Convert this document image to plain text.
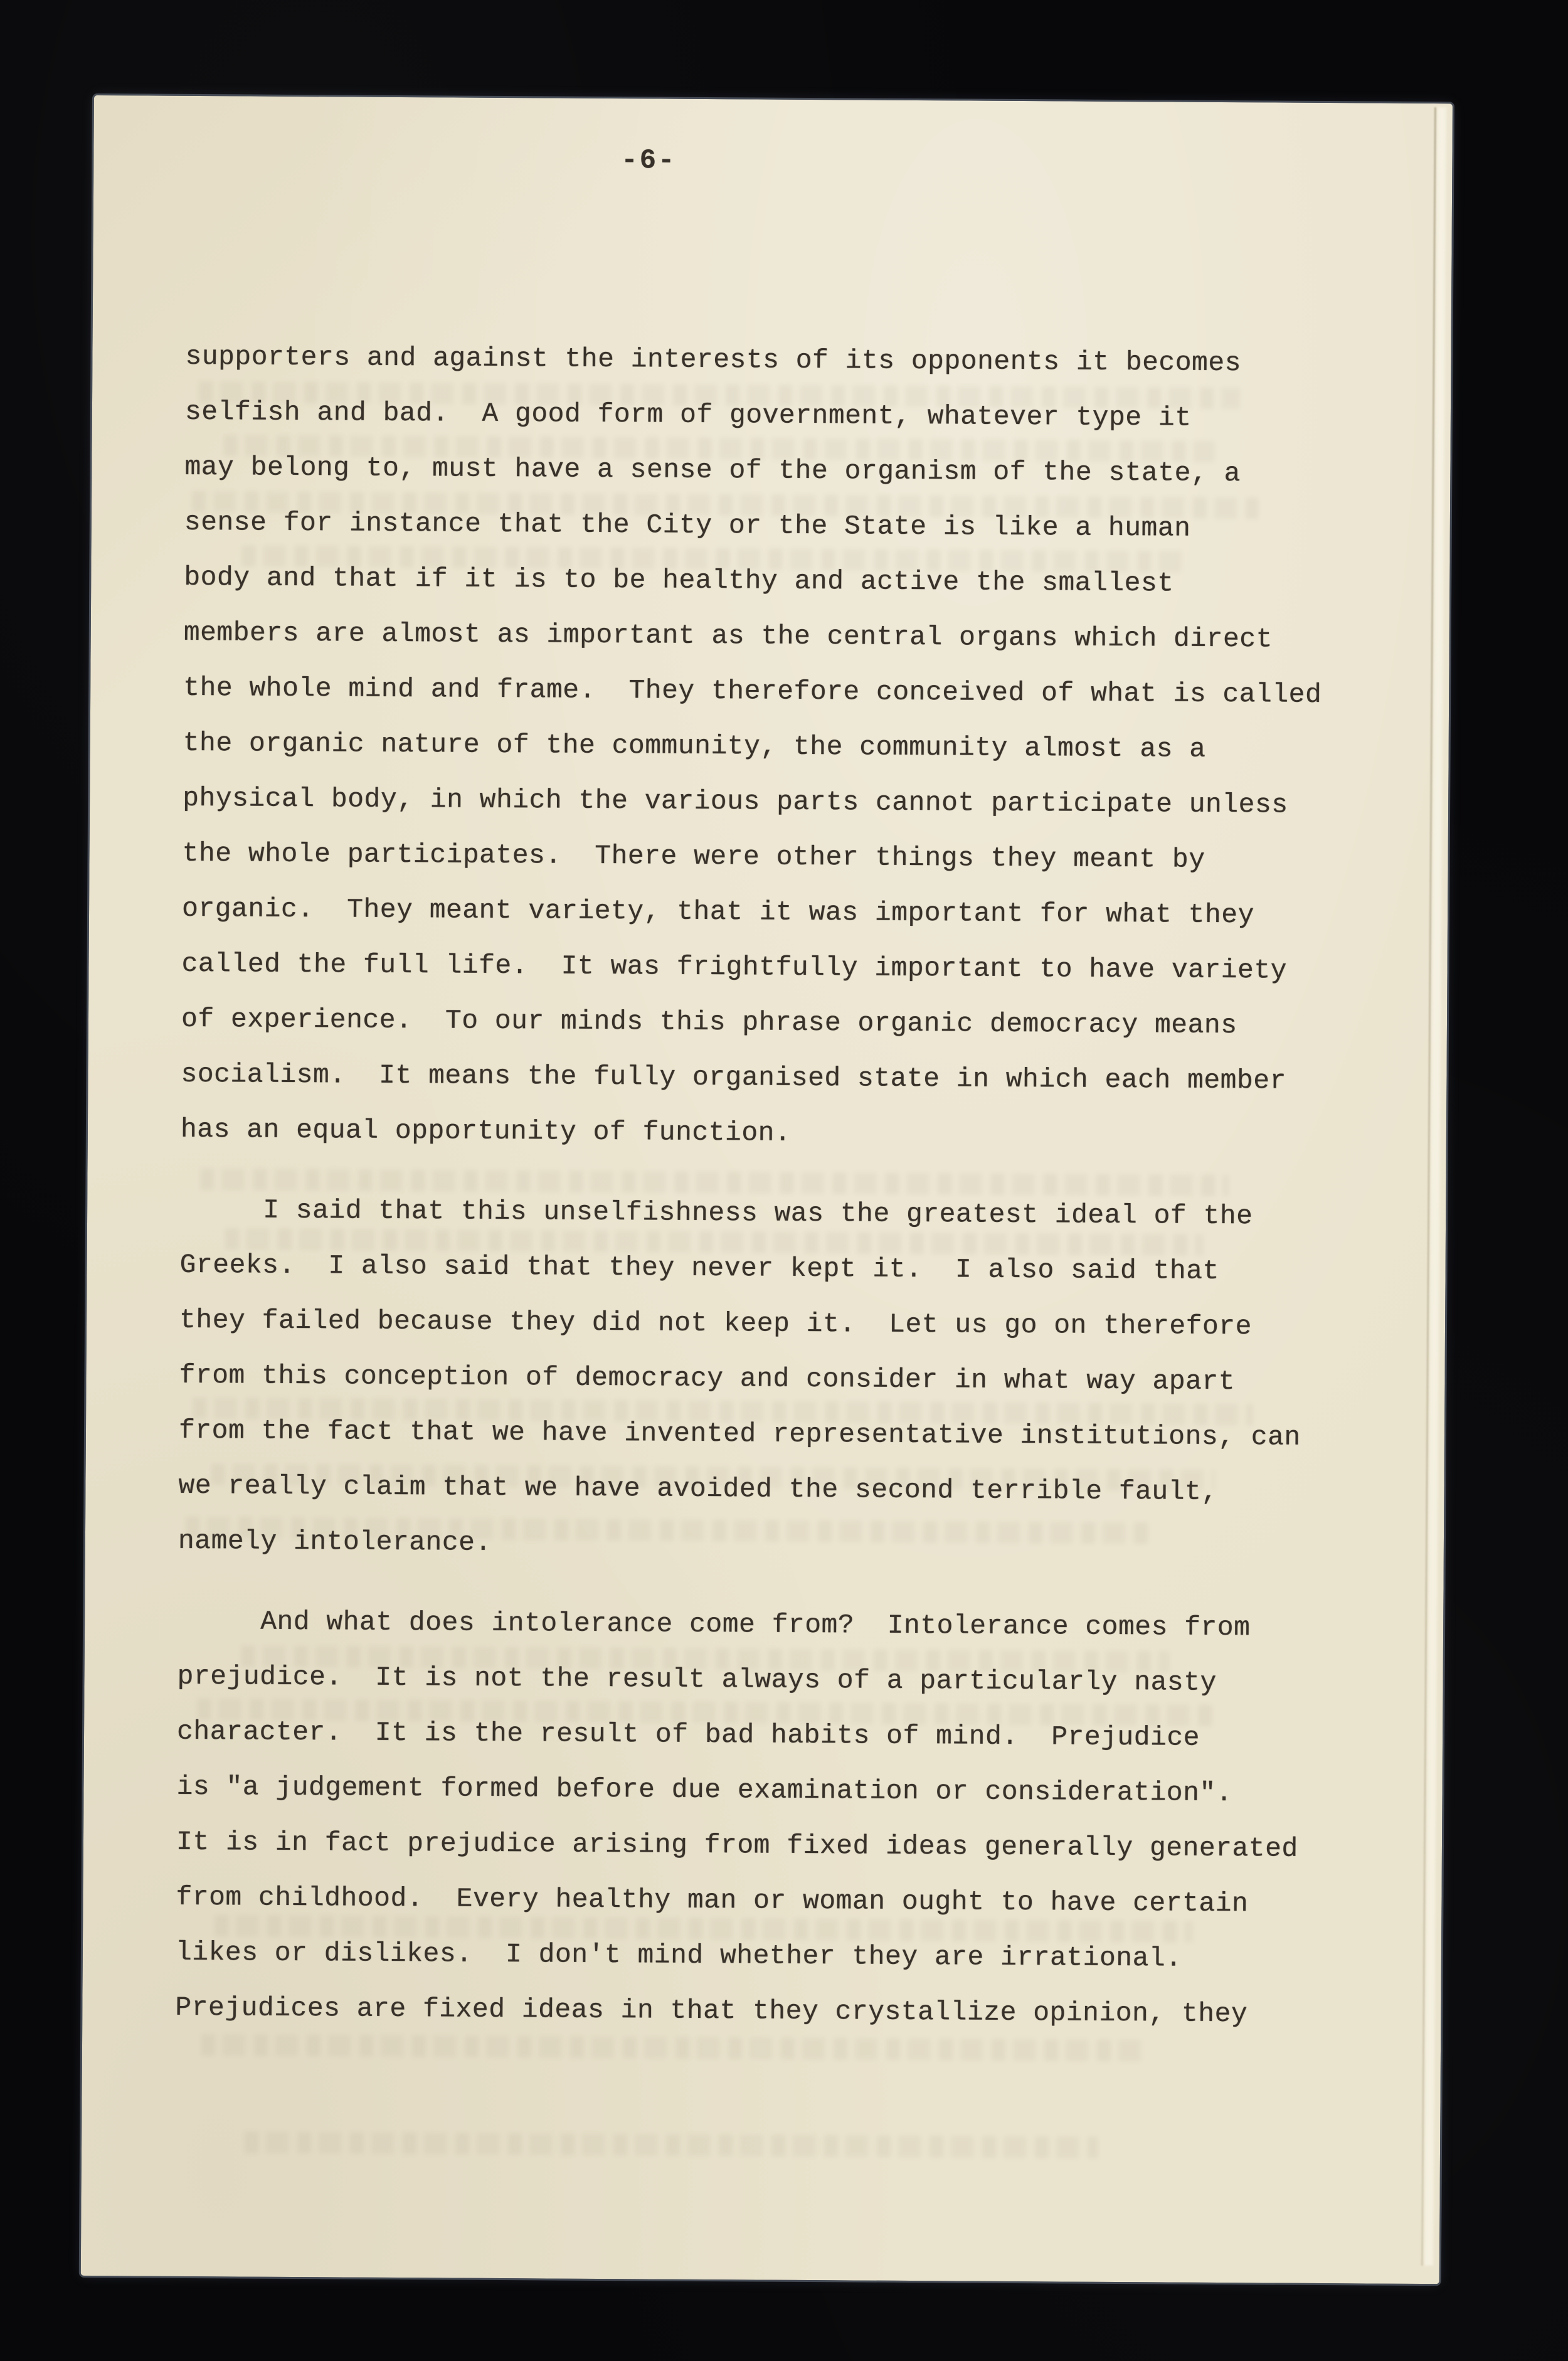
-6-
supporters and against the interests of its opponents it becomes
selfish and bad.  A good form of government, whatever type it
may belong to, must have a sense of the organism of the state, a
sense for instance that the City or the State is like a human
body and that if it is to be healthy and active the smallest
members are almost as important as the central organs which direct
the whole mind and frame.  They therefore conceived of what is called
the organic nature of the community, the community almost as a
physical body, in which the various parts cannot participate unless
the whole participates.  There were other things they meant by
organic.  They meant variety, that it was important for what they
called the full life.  It was frightfully important to have variety
of experience.  To our minds this phrase organic democracy means
socialism.  It means the fully organised state in which each member
has an equal opportunity of function.
I said that this unselfishness was the greatest ideal of the
Greeks.  I also said that they never kept it.  I also said that
they failed because they did not keep it.  Let us go on therefore
from this conception of democracy and consider in what way apart
from the fact that we have invented representative institutions, can
we really claim that we have avoided the second terrible fault,
namely intolerance.
And what does intolerance come from?  Intolerance comes from
prejudice.  It is not the result always of a particularly nasty
character.  It is the result of bad habits of mind.  Prejudice
is "a judgement formed before due examination or consideration".
It is in fact prejudice arising from fixed ideas generally generated
from childhood.  Every healthy man or woman ought to have certain
likes or dislikes.  I don't mind whether they are irrational.
Prejudices are fixed ideas in that they crystallize opinion, they
